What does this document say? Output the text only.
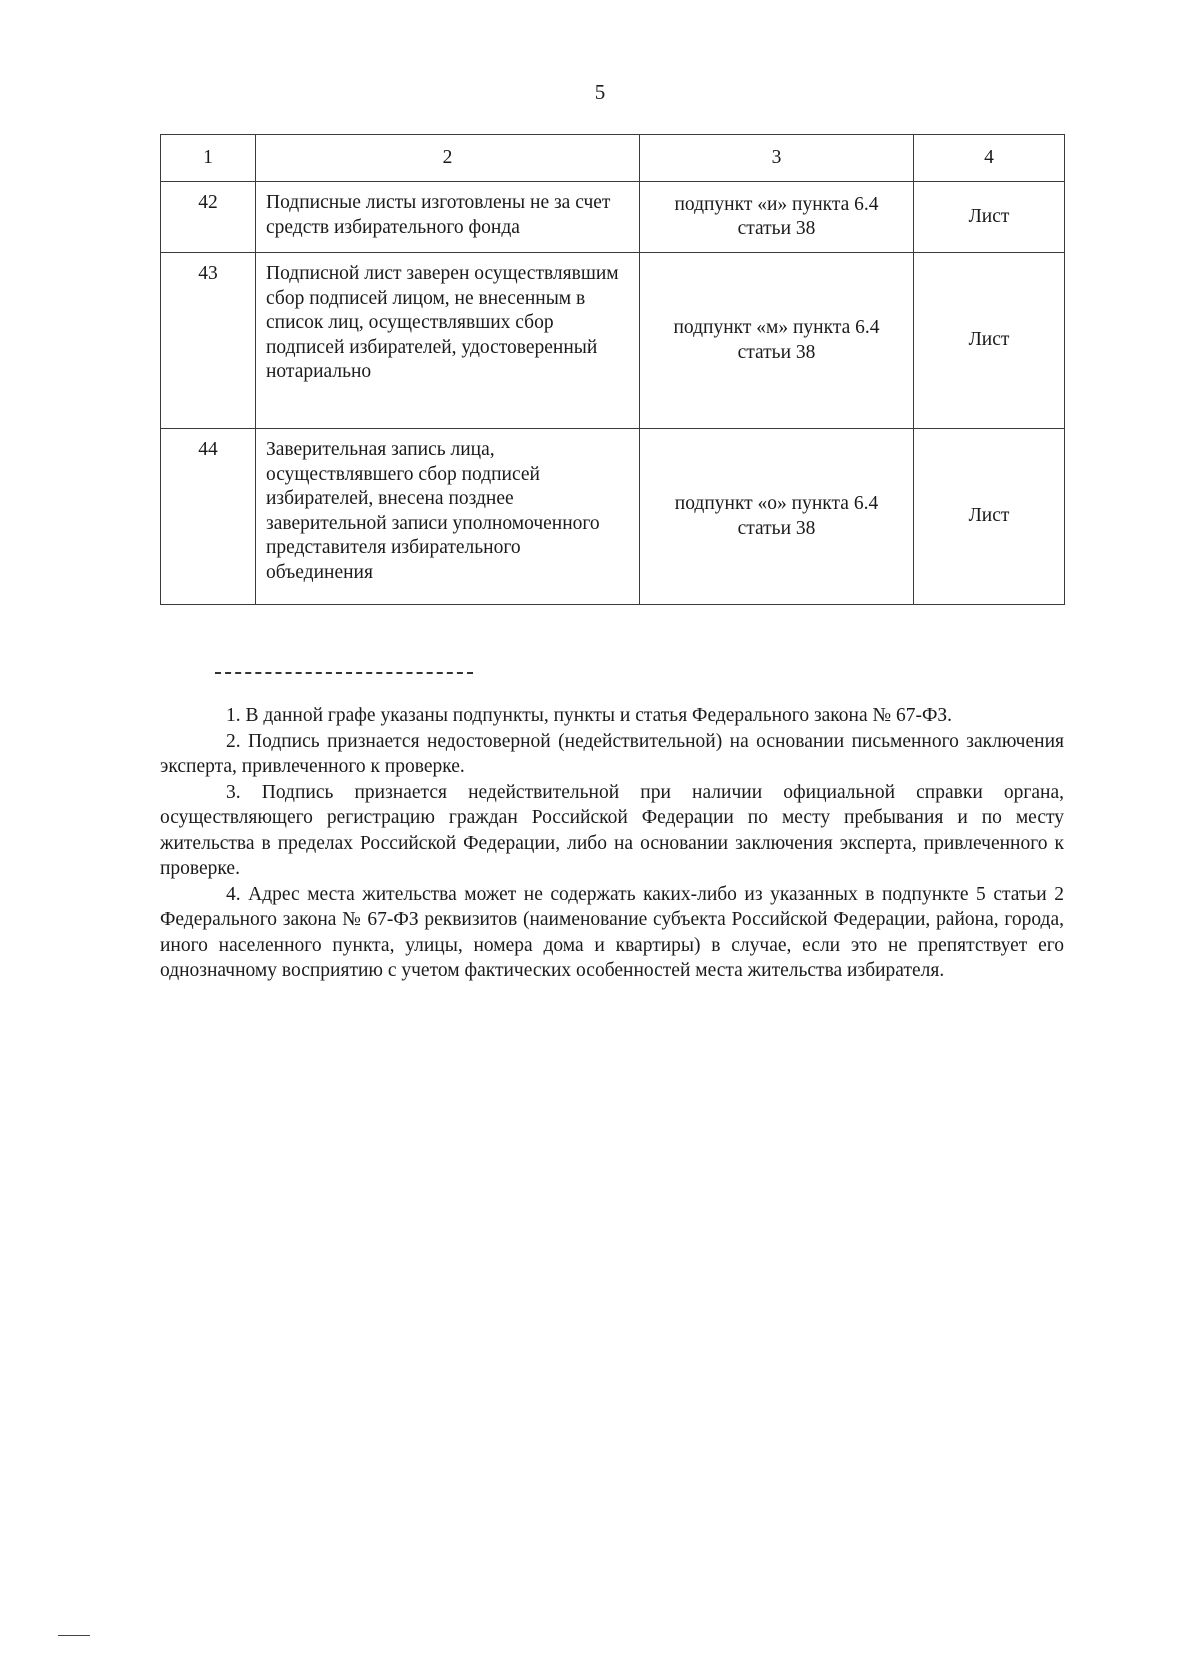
5
1	2	3	4
42	Подписные листы изготовлены не за счет средств избирательного фонда	подпункт «и» пункта 6.4 статьи 38	Лист
43	Подписной лист заверен осуществлявшим сбор подписей лицом, не внесенным в список лиц, осуществлявших сбор подписей избирателей, удостоверенный нотариально	подпункт «м» пункта 6.4 статьи 38	Лист
44	Заверительная запись лица, осуществлявшего сбор подписей избирателей, внесена позднее заверительной записи уполномоченного представителя избирательного объединения	подпункт «о» пункта 6.4 статьи 38	Лист

1. В данной графе указаны подпункты, пункты и статья Федерального закона № 67-ФЗ.

2. Подпись признается недостоверной (недействительной) на основании письменного заключения эксперта, привлеченного к проверке.

3. Подпись признается недействительной при наличии официальной справки органа, осуществляющего регистрацию граждан Российской Федерации по месту пребывания и по месту жительства в пределах Российской Федерации, либо на основании заключения эксперта, привлеченного к проверке.

4. Адрес места жительства может не содержать каких-либо из указанных в подпункте 5 статьи 2 Федерального закона № 67-ФЗ реквизитов (наименование субъекта Российской Федерации, района, города, иного населенного пункта, улицы, номера дома и квартиры) в случае, если это не препятствует его однозначному восприятию с учетом фактических особенностей места жительства избирателя.
